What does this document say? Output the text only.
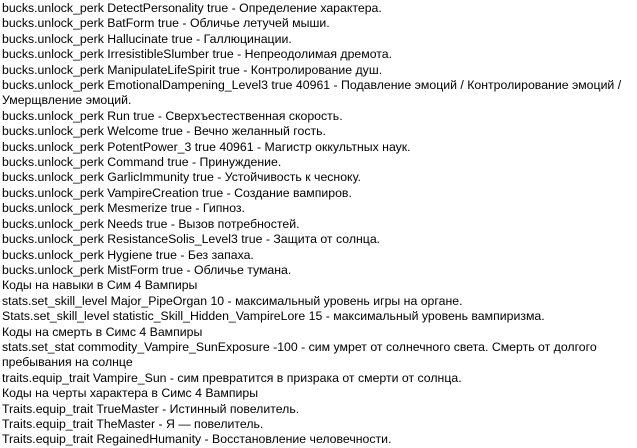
bucks.unlock_perk DetectPersonality true - Определение характера.
bucks.unlock_perk BatForm true - Обличье летучей мыши.
bucks.unlock_perk Hallucinate true - Галлюцинации.
bucks.unlock_perk IrresistibleSlumber true - Непреодолимая дремота.
bucks.unlock_perk ManipulateLifeSpirit true - Контролирование душ.
bucks.unlock_perk EmotionalDampening_Level3 true 40961 - Подавление эмоций / Контролирование эмоций / Умерщвление эмоций.
bucks.unlock_perk Run true - Сверхъестественная скорость.
bucks.unlock_perk Welcome true - Вечно желанный гость.
bucks.unlock_perk PotentPower_3 true 40961 - Магистр оккультных наук.
bucks.unlock_perk Command true - Принуждение.
bucks.unlock_perk GarlicImmunity true - Устойчивость к чесноку.
bucks.unlock_perk VampireCreation true - Создание вампиров.
bucks.unlock_perk Mesmerize true - Гипноз.
bucks.unlock_perk Needs true - Вызов потребностей.
bucks.unlock_perk ResistanceSolis_Level3 true - Защита от солнца.
bucks.unlock_perk Hygiene true - Без запаха.
bucks.unlock_perk MistForm true - Обличье тумана.
Коды на навыки в Сим 4 Вампиры
stats.set_skill_level Major_PipeOrgan 10 - максимальный уровень игры на органе.
Stats.set_skill_level statistic_Skill_Hidden_VampireLore 15 - максимальный уровень вампиризма.
Коды на смерть в Симс 4 Вампиры
stats.set_stat commodity_Vampire_SunExposure -100 - сим умрет от солнечного света. Смерть от долгого пребывания на солнце
traits.equip_trait Vampire_Sun - сим превратится в призрака от смерти от солнца.
Коды на черты характера в Симс 4 Вампиры
Traits.equip_trait TrueMaster - Истинный повелитель.
Traits.equip_trait TheMaster - Я — повелитель.
Traits.equip_trait RegainedHumanity - Восстановление человечности.
